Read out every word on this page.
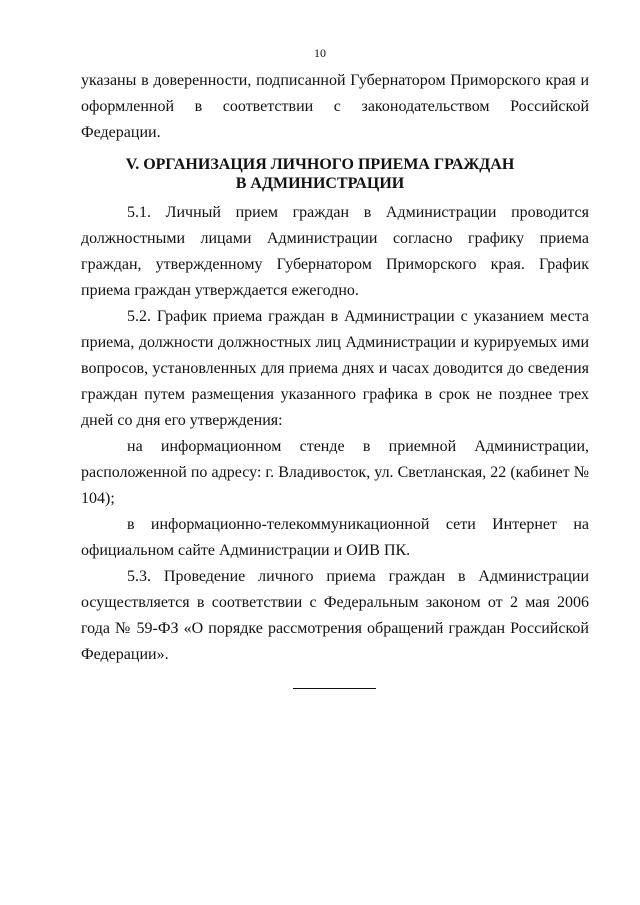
10

указаны в доверенности, подписанной Губернатором Приморского края и оформленной в соответствии с законодательством Российской Федерации.

V. ОРГАНИЗАЦИЯ ЛИЧНОГО ПРИЕМА ГРАЖДАН
В АДМИНИСТРАЦИИ

5.1. Личный прием граждан в Администрации проводится должностными лицами Администрации согласно графику приема граждан, утвержденному Губернатором Приморского края. График приема граждан утверждается ежегодно.

5.2. График приема граждан в Администрации с указанием места приема, должности должностных лиц Администрации и курируемых ими вопросов, установленных для приема днях и часах доводится до сведения граждан путем размещения указанного графика в срок не позднее трех дней со дня его утверждения:

на информационном стенде в приемной Администрации, расположенной по адресу: г. Владивосток, ул. Светланская, 22 (кабинет № 104);

в информационно-телекоммуникационной сети Интернет на официальном сайте Администрации и ОИВ ПК.

5.3. Проведение личного приема граждан в Администрации осуществляется в соответствии с Федеральным законом от 2 мая 2006 года № 59-ФЗ «О порядке рассмотрения обращений граждан Российской Федерации».
